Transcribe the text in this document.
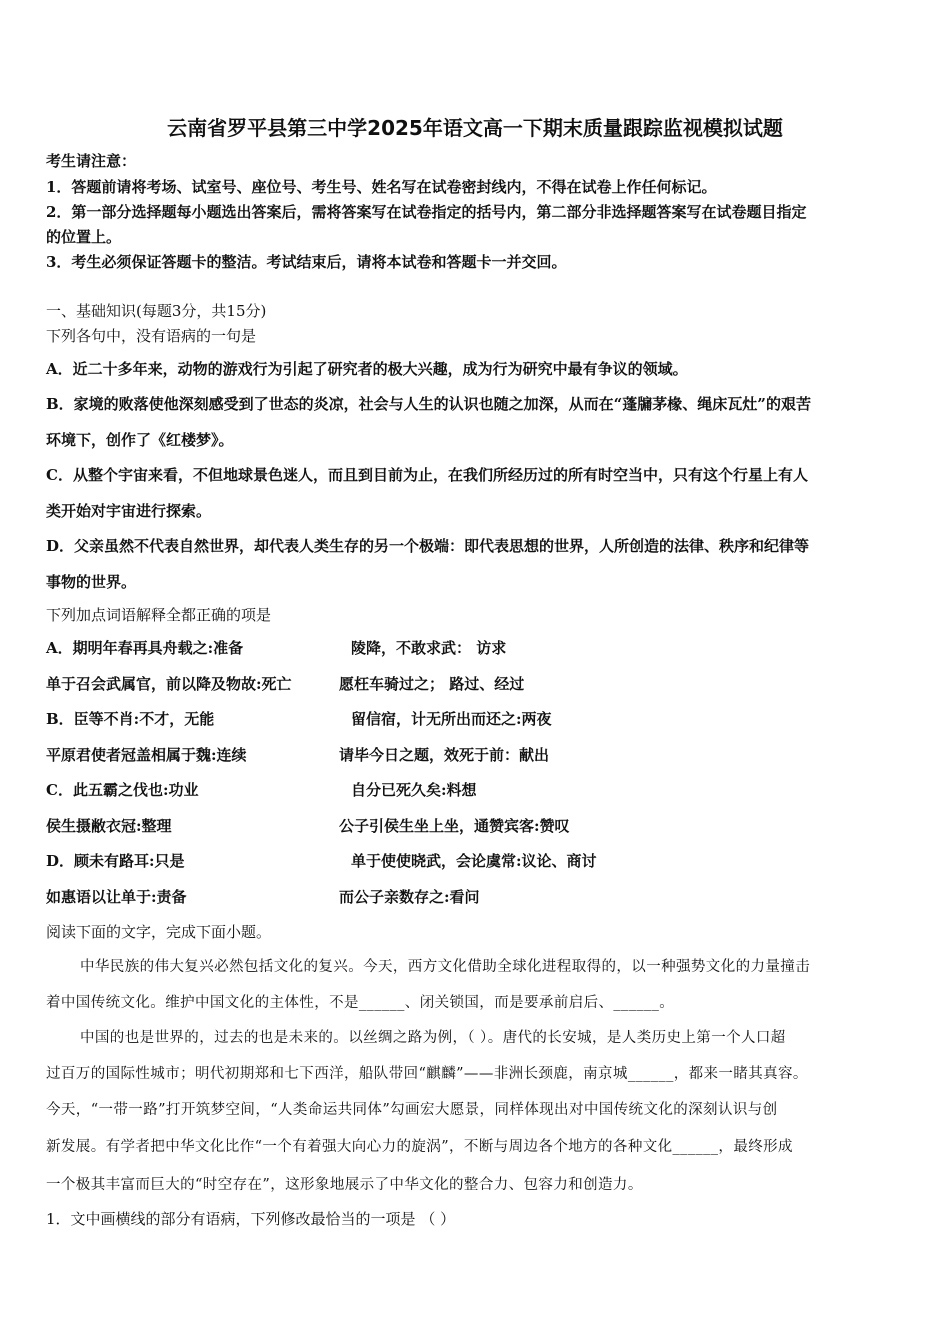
云南省罗平县第三中学2025年语文高一下期末质量跟踪监视模拟试题
考生请注意：
1．答题前请将考场、试室号、座位号、考生号、姓名写在试卷密封线内，不得在试卷上作任何标记。
2．第一部分选择题每小题选出答案后，需将答案写在试卷指定的括号内，第二部分非选择题答案写在试卷题目指定
的位置上。
3．考生必须保证答题卡的整洁。考试结束后，请将本试卷和答题卡一并交回。
一、基础知识(每题3分，共15分)
下列各句中，没有语病的一句是
A．近二十多年来，动物的游戏行为引起了研究者的极大兴趣，成为行为研究中最有争议的领域。
B．家境的败落使他深刻感受到了世态的炎凉，社会与人生的认识也随之加深，从而在“蓬牖茅椽、绳床瓦灶”的艰苦
环境下，创作了《红楼梦》。
C．从整个宇宙来看，不但地球景色迷人，而且到目前为止，在我们所经历过的所有时空当中，只有这个行星上有人
类开始对宇宙进行探索。
D．父亲虽然不代表自然世界，却代表人类生存的另一个极端：即代表思想的世界，人所创造的法律、秩序和纪律等
事物的世界。
下列加点词语解释全都正确的项是
A．期明年春再具舟载之:准备	陵降，不敢求武： 访求
单于召会武属官，前以降及物故:死亡	愿枉车骑过之； 路过、经过
B．臣等不肖:不才，无能	留信宿，计无所出而还之:两夜
平原君使者冠盖相属于魏:连续	请毕今日之题，效死于前：献出
C．此五霸之伐也:功业	自分已死久矣:料想
侯生摄敝衣冠:整理	公子引侯生坐上坐，通赞宾客:赞叹
D．顾未有路耳:只是	单于使使晓武，会论虞常:议论、商讨
如惠语以让单于:责备	而公子亲数存之:看问
阅读下面的文字，完成下面小题。
中华民族的伟大复兴必然包括文化的复兴。今天，西方文化借助全球化进程取得的，以一种强势文化的力量撞击
着中国传统文化。维护中国文化的主体性，不是______、闭关锁国，而是要承前启后、______。
中国的也是世界的，过去的也是未来的。以丝绸之路为例，（ ）。唐代的长安城，是人类历史上第一个人口超
过百万的国际性城市；明代初期郑和七下西洋，船队带回“麒麟”——非洲长颈鹿，南京城______，都来一睹其真容。
今天，“一带一路”打开筑梦空间，“人类命运共同体”勾画宏大愿景，同样体现出对中国传统文化的深刻认识与创
新发展。有学者把中华文化比作“一个有着强大向心力的旋涡”，不断与周边各个地方的各种文化______，最终形成
一个极其丰富而巨大的“时空存在”，这形象地展示了中华文化的整合力、包容力和创造力。
1．文中画横线的部分有语病，下列修改最恰当的一项是 （ ）
